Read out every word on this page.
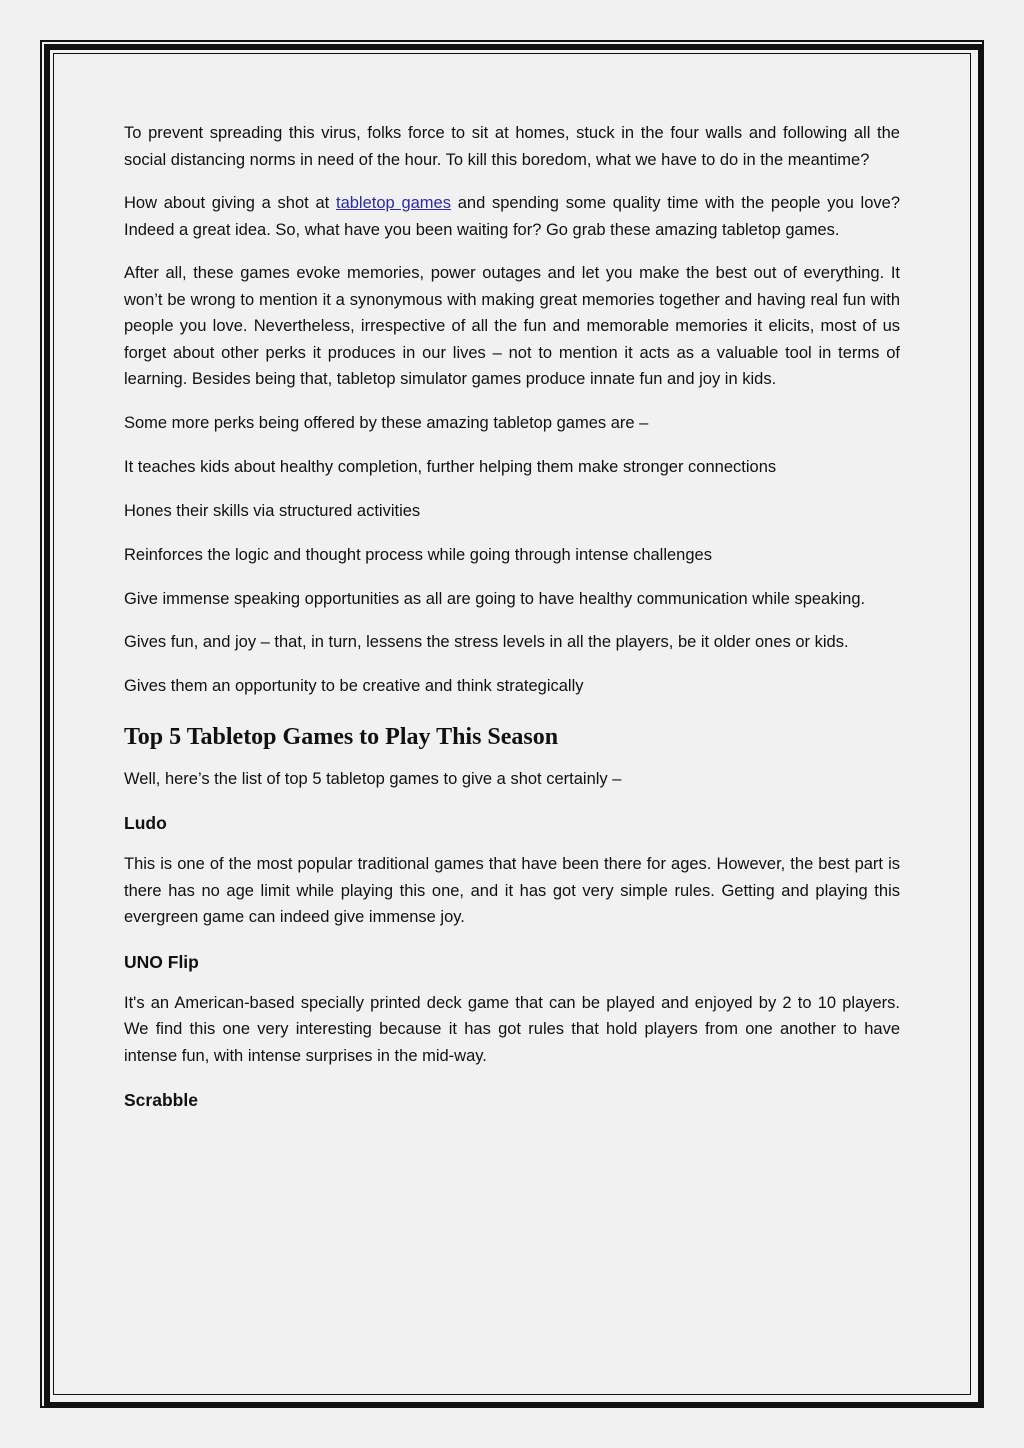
To prevent spreading this virus, folks force to sit at homes, stuck in the four walls and following all the social distancing norms in need of the hour. To kill this boredom, what we have to do in the meantime?

How about giving a shot at tabletop games and spending some quality time with the people you love? Indeed a great idea. So, what have you been waiting for? Go grab these amazing tabletop games.

After all, these games evoke memories, power outages and let you make the best out of everything. It won’t be wrong to mention it a synonymous with making great memories together and having real fun with people you love. Nevertheless, irrespective of all the fun and memorable memories it elicits, most of us forget about other perks it produces in our lives – not to mention it acts as a valuable tool in terms of learning. Besides being that, tabletop simulator games produce innate fun and joy in kids.

Some more perks being offered by these amazing tabletop games are –

It teaches kids about healthy completion, further helping them make stronger connections

Hones their skills via structured activities

Reinforces the logic and thought process while going through intense challenges

Give immense speaking opportunities as all are going to have healthy communication while speaking.

Gives fun, and joy – that, in turn, lessens the stress levels in all the players, be it older ones or kids.

Gives them an opportunity to be creative and think strategically

Top 5 Tabletop Games to Play This Season

Well, here’s the list of top 5 tabletop games to give a shot certainly –

Ludo

This is one of the most popular traditional games that have been there for ages. However, the best part is there has no age limit while playing this one, and it has got very simple rules. Getting and playing this evergreen game can indeed give immense joy.

UNO Flip

It's an American-based specially printed deck game that can be played and enjoyed by 2 to 10 players. We find this one very interesting because it has got rules that hold players from one another to have intense fun, with intense surprises in the mid-way.

Scrabble
